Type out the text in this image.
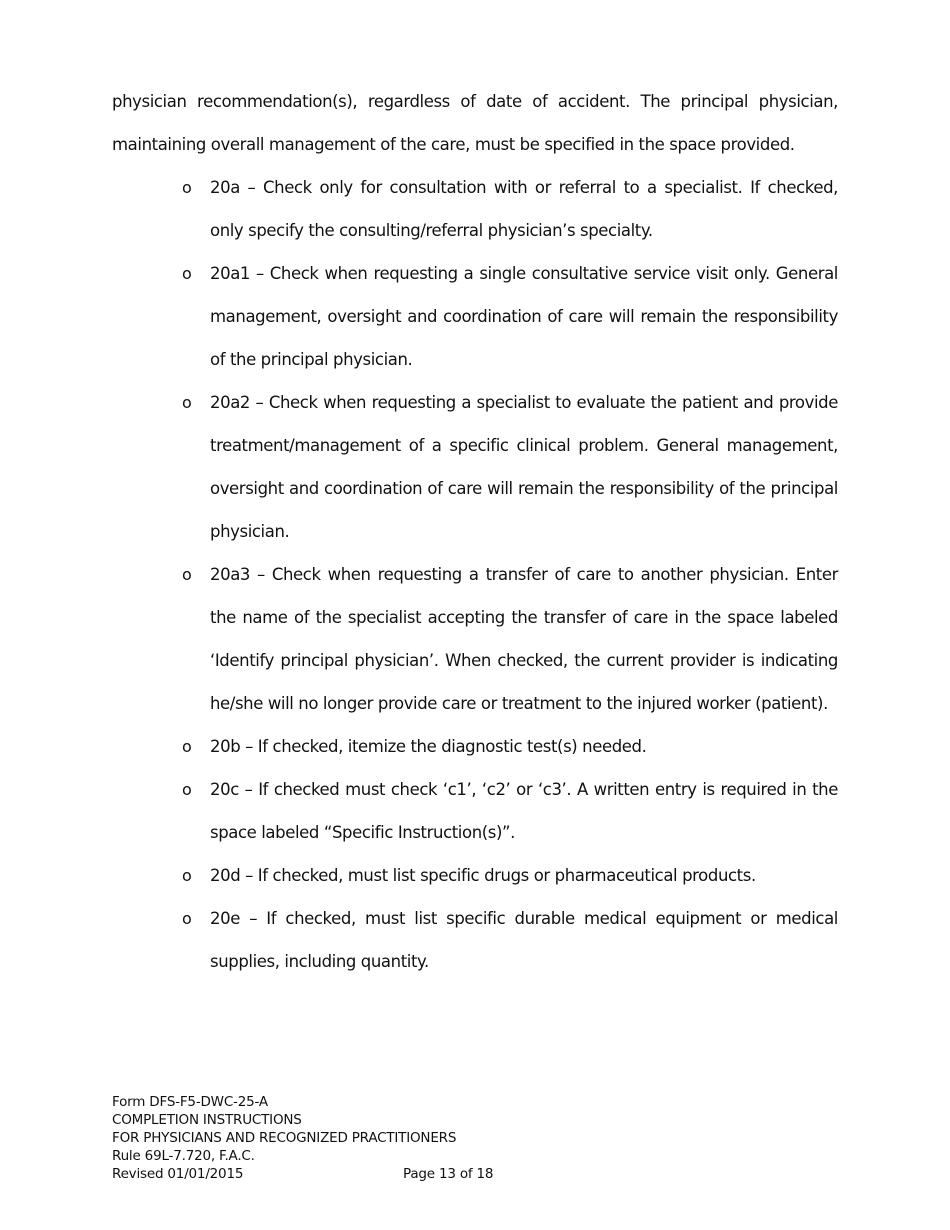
physician recommendation(s), regardless of date of accident. The principal physician, maintaining overall management of the care, must be specified in the space provided.

o 20a – Check only for consultation with or referral to a specialist. If checked, only specify the consulting/referral physician’s specialty.
o 20a1 – Check when requesting a single consultative service visit only. General management, oversight and coordination of care will remain the responsibility of the principal physician.
o 20a2 – Check when requesting a specialist to evaluate the patient and provide treatment/management of a specific clinical problem. General management, oversight and coordination of care will remain the responsibility of the principal physician.
o 20a3 – Check when requesting a transfer of care to another physician. Enter the name of the specialist accepting the transfer of care in the space labeled ‘Identify principal physician’. When checked, the current provider is indicating he/she will no longer provide care or treatment to the injured worker (patient).
o 20b – If checked, itemize the diagnostic test(s) needed.
o 20c – If checked must check ‘c1’, ‘c2’ or ‘c3’. A written entry is required in the space labeled “Specific Instruction(s)”.
o 20d – If checked, must list specific drugs or pharmaceutical products.
o 20e – If checked, must list specific durable medical equipment or medical supplies, including quantity.
Form DFS-F5-DWC-25-A
COMPLETION INSTRUCTIONS
FOR PHYSICIANS AND RECOGNIZED PRACTITIONERS
Rule 69L-7.720, F.A.C.
Revised 01/01/2015	Page 13 of 18
